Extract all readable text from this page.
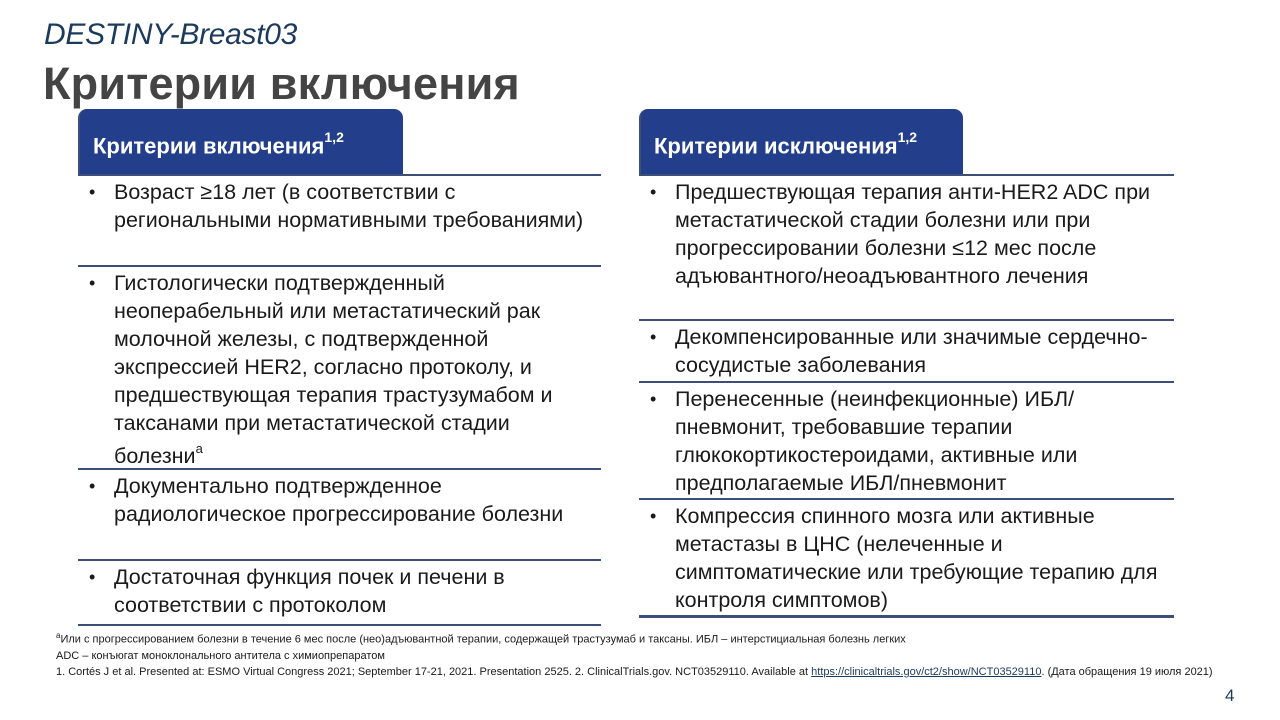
DESTINY-Breast03
Критерии включения
Критерии включения$^{1,2}$
• Возраст ≥18 лет (в соответствии с региональными нормативными требованиями)
• Гистологически подтвержденный неоперабельный или метастатический рак молочной железы, с подтвержденной экспрессией HER2, согласно протоколу, и предшествующая терапия трастузумабом и таксанами при метастатической стадии болезни$^a$
• Документально подтвержденное радиологическое прогрессирование болезни
• Достаточная функция почек и печени в соответствии с протоколом
Критерии исключения$^{1,2}$
• Предшествующая терапия анти-HER2 ADC при метастатической стадии болезни или при прогрессировании болезни ≤12 мес после адъювантного/неоадъювантного лечения
• Декомпенсированные или значимые сердечно-сосудистые заболевания
• Перенесенные (неинфекционные) ИБЛ/ пневмонит, требовавшие терапии глюкокортикостероидами, активные или предполагаемые ИБЛ/пневмонит
• Компрессия спинного мозга или активные метастазы в ЦНС (нелеченные и симптоматические или требующие терапию для контроля симптомов)
$^a$Или с прогрессированием болезни в течение 6 мес после (нео)адъювантной терапии, содержащей трастузумаб и таксаны. ИБЛ – интерстициальная болезнь легких
ADC – конъюгат моноклонального антитела с химиопрепаратом
1. Cortés J et al. Presented at: ESMO Virtual Congress 2021; September 17-21, 2021. Presentation 2525. 2. ClinicalTrials.gov. NCT03529110. Available at https://clinicaltrials.gov/ct2/show/NCT03529110. (Дата обращения 19 июля 2021)
4
